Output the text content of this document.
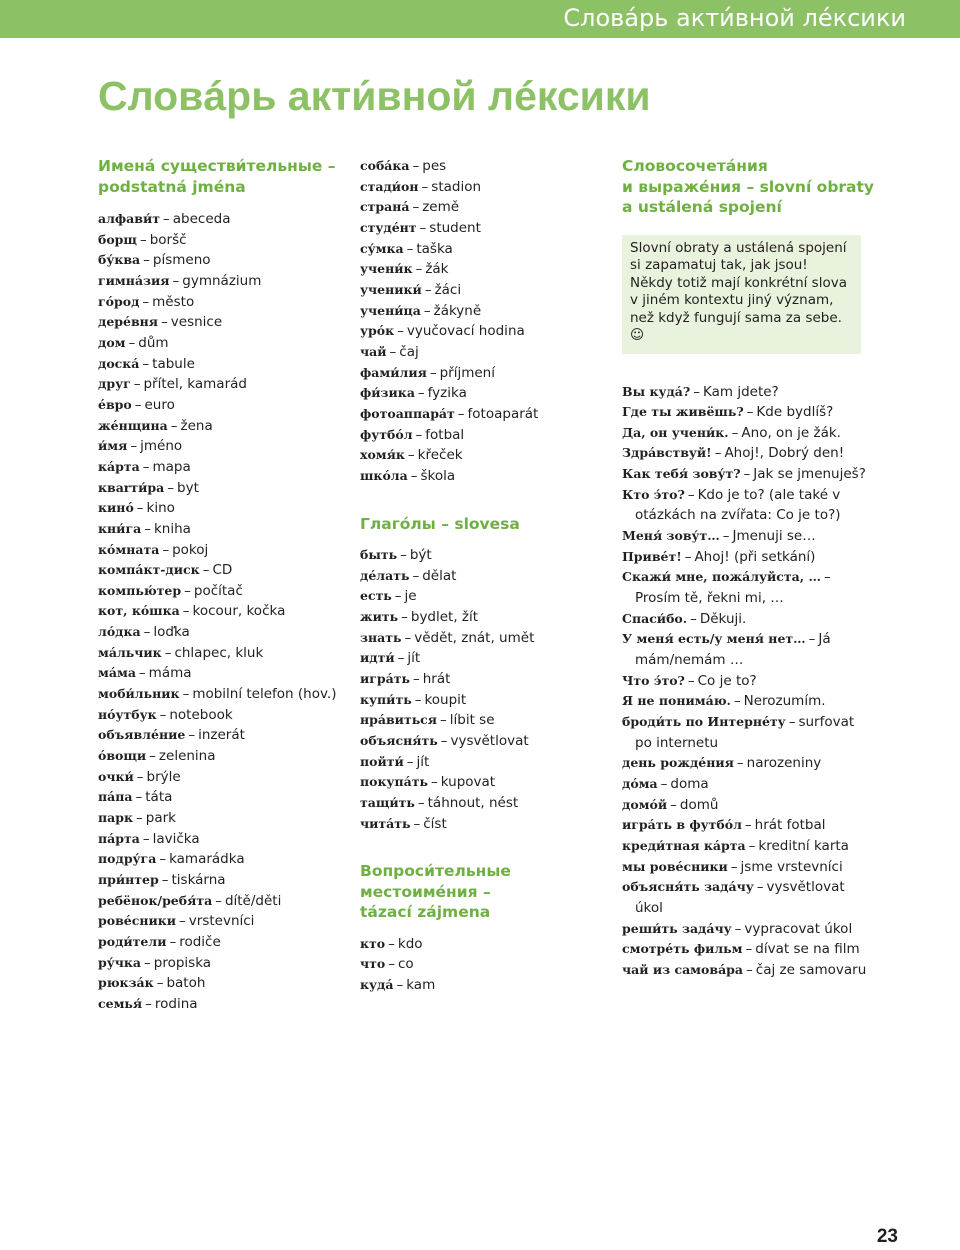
Словáрь акти́вной лéксики
Словáрь акти́вной лéксики
Именá существи́тельные –
podstatná jména
алфави́т – abeceda
борщ – boršč
бу́ква – písmeno
гимнáзия – gymnázium
гóрод – město
дерéвня – vesnice
дом – dům
доскá – tabule
друг – přítel, kamarád
éвро – euro
жéнщина – žena
и́мя – jméno
кáрта – mapa
квarти́ра – byt
кинó – kino
кни́га – kniha
кóмната – pokoj
компáкт-диск – CD
компью́тер – počítač
кот, кóшка – kocour, kočka
лóдка – loďka
мáльчик – chlapec, kluk
мáма – máma
моби́льник – mobilní telefon (hov.)
нóутбук – notebook
объявлéние – inzerát
óвощи – zelenina
очки́ – brýle
пáпа – táta
парк – park
пáрта – lavička
подру́га – kamarádka
при́нтер – tiskárna
ребёнок/ребя́та – dítě/děti
ровéсники – vrstevníci
роди́тели – rodiče
ру́чка – propiska
рюкзáк – batoh
семья́ – rodina
собáка – pes
стади́он – stadion
странá – země
студéнт – student
су́мка – taška
учени́к – žák
ученики́ – žáci
учени́ца – žákyně
урóк – vyučovací hodina
чай – čaj
фами́лия – příjmení
фи́зика – fyzika
фотоаппарáт – fotoaparát
футбóл – fotbal
хомя́к – křeček
шкóла – škola
Глагóлы – slovesa
быть – být
дéлать – dělat
есть – je
жить – bydlet, žít
знать – vědět, znát, umět
идти́ – jít
игрáть – hrát
купи́ть – koupit
нрáвиться – líbit se
объясня́ть – vysvětlovat
пойти́ – jít
покупáть – kupovat
тащи́ть – táhnout, nést
читáть – číst
Вопроси́тельные
местоимéния –
tázací zájmena
кто – kdo
что – co
кудá – kam
Словосочетáния
и выражéния – slovní obraty
a ustálená spojení

Slovní obraty a ustálená spojení si zapamatuj tak, jak jsou! Někdy totiž mají konkrétní slova v jiném kontextu jiný význam, než když fungují sama za sebe. ☺

Вы кудá? – Kam jdete?
Где ты живёшь? – Kde bydlíš?
Да, он учени́к. – Ano, on je žák.
Здрáвствуй! – Ahoj!, Dobrý den!
Как тебя́ зову́т? – Jak se jmenuješ?
Кто э́то? – Kdo je to? (ale také v otázkách na zvířata: Co je to?)
Меня́ зову́т… – Jmenuji se…
Привéт! – Ahoj! (při setkání)
Скажи́ мне, пожáлуйста, … –Prosím tě, řekni mi, …
Спаси́бо. – Děkuji.
У меня́ есть/у меня́ нет… – Já mám/nemám …
Что э́то? – Co je to?
Я не понимáю. – Nerozumím.
броди́ть по Интернéту – surfovat po internetu
день рождéния – narozeniny
дóма – doma
домóй – domů
игрáть в футбóл – hrát fotbal
креди́тная кáрта – kreditní karta
мы ровéсники – jsme vrstevníci
объясня́ть задáчу – vysvětlovat úkol
реши́ть задáчу – vypracovat úkol
смотрéть фильм – dívat se na film
чай из самовáра – čaj ze samovaru
23
